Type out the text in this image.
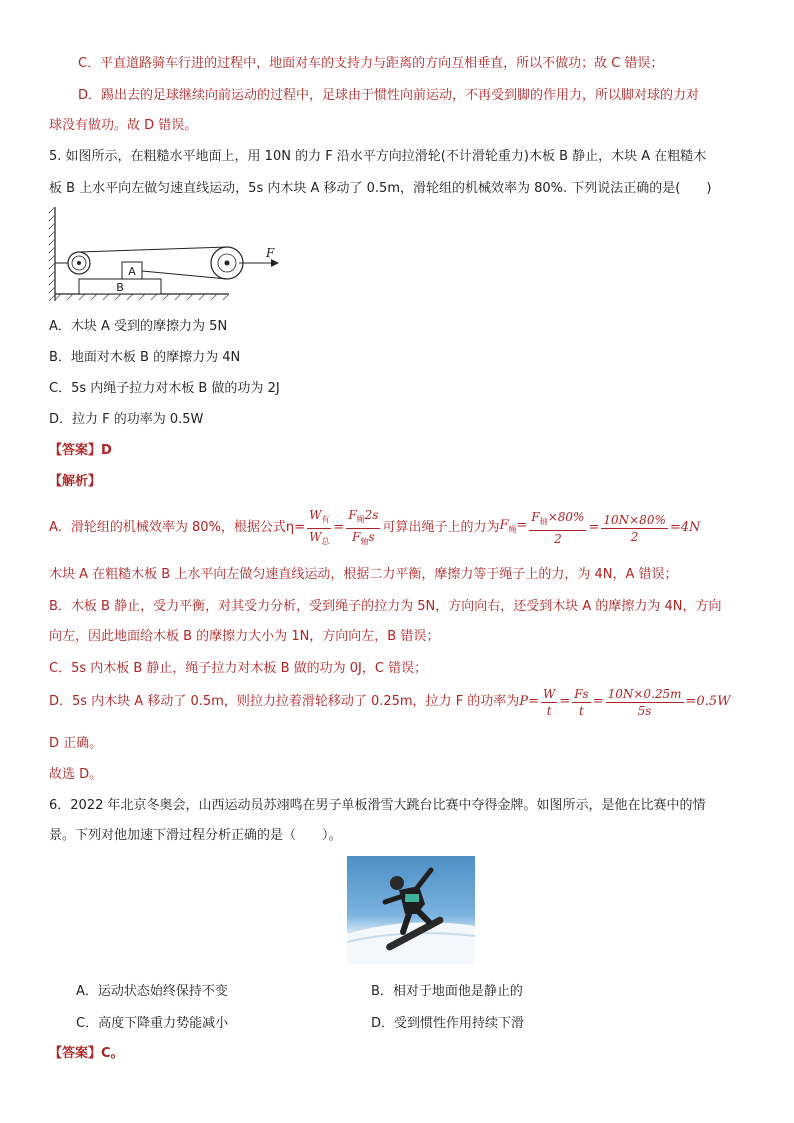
C．平直道路骑车行进的过程中，地面对车的支持力与距离的方向互相垂直，所以不做功；故 C 错误；
D．踢出去的足球继续向前运动的过程中，足球由于惯性向前运动，不再受到脚的作用力，所以脚对球的力对
球没有做功。故 D 错误。
5. 如图所示，在粗糙水平地面上，用 10N 的力 F 沿水平方向拉滑轮(不计滑轮重力)木板 B 静止，木块 A 在粗糙木
板 B 上水平向左做匀速直线运动，5s 内木块 A 移动了 0.5m，滑轮组的机械效率为 80%. 下列说法正确的是(　　)
B
A
F
A．木块 A 受到的摩擦力为 5N
B．地面对木板 B 的摩擦力为 4N
C．5s 内绳子拉力对木板 B 做的功为 2J
D．拉力 F 的功率为 0.5W
【答案】D
【解析】
A．滑轮组的机械效率为 80%，根据公式$\eta= \frac{W_有}{W_总} = \frac{F_绳2s}{F_轴s}$ 可算出绳子上的力为 $F_绳= \frac{F_轴\times 80\%}{2} = \frac{10N\times 80\%}{2} =4N$
木块 A 在粗糙木板 B 上水平向左做匀速直线运动，根据二力平衡，摩擦力等于绳子上的力，为 4N，A 错误；
B．木板 B 静止，受力平衡，对其受力分析，受到绳子的拉力为 5N，方向向右，还受到木块 A 的摩擦力为 4N，方向
向左，因此地面给木板 B 的摩擦力大小为 1N，方向向左，B 错误；
C．5s 内木板 B 静止，绳子拉力对木板 B 做的功为 0J，C 错误；
D．5s 内木块 A 移动了 0.5m，则拉力拉着滑轮移动了 0.25m，拉力 F 的功率为 $P = \frac{W}{t} = \frac{Fs}{t} = \frac{10N\times 0.25m}{5s} =0.5W$
D 正确。
故选 D。
6．2022 年北京冬奥会，山西运动员苏翊鸣在男子单板滑雪大跳台比赛中夺得金牌。如图所示，是他在比赛中的情
景。下列对他加速下滑过程分析正确的是（　　）。
A．运动状态始终保持不变	B．相对于地面他是静止的
C．高度下降重力势能减小	D．受到惯性作用持续下滑
【答案】C。
